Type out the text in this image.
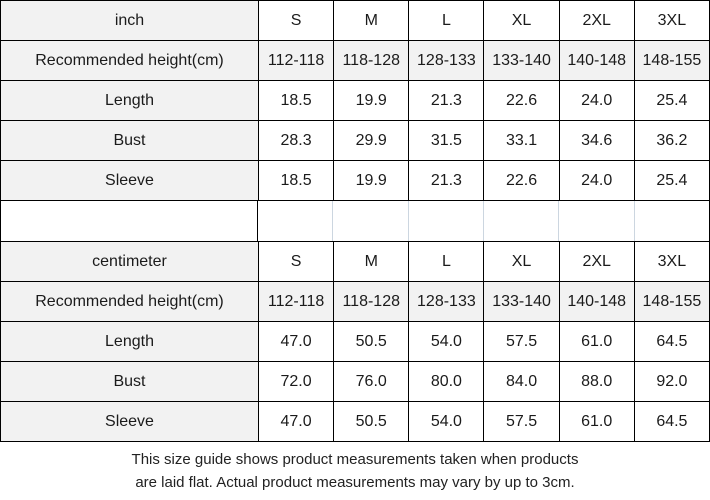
inch	S	M	L	XL	2XL	3XL
Recommended height(cm)	112-118	118-128	128-133	133-140	140-148	148-155
Length	18.5	19.9	21.3	22.6	24.0	25.4
Bust	28.3	29.9	31.5	33.1	34.6	36.2
Sleeve	18.5	19.9	21.3	22.6	24.0	25.4
centimeter	S	M	L	XL	2XL	3XL
Recommended height(cm)	112-118	118-128	128-133	133-140	140-148	148-155
Length	47.0	50.5	54.0	57.5	61.0	64.5
Bust	72.0	76.0	80.0	84.0	88.0	92.0
Sleeve	47.0	50.5	54.0	57.5	61.0	64.5
This size guide shows product measurements taken when products
are laid flat. Actual product measurements may vary by up to 3cm.
